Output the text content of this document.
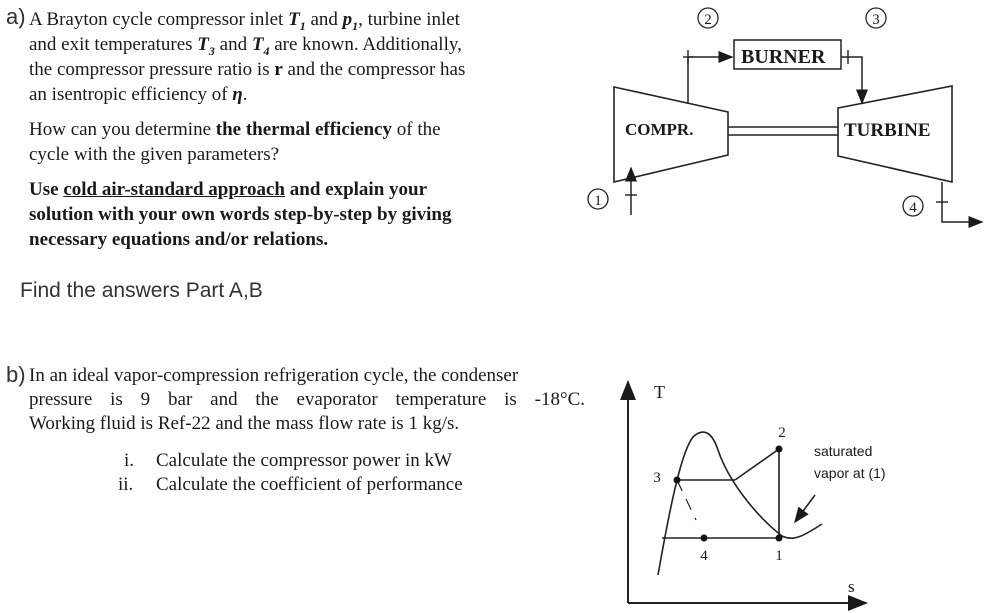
a) A Brayton cycle compressor inlet $T_1$ and $p_1$, turbine inlet
and exit temperatures $T_3$ and $T_4$ are known. Additionally,
the compressor pressure ratio is r and the compressor has
an isentropic efficiency of η.
How can you determine the thermal efficiency of the
cycle with the given parameters?
Use cold air-standard approach and explain your
solution with your own words step-by-step by giving
necessary equations and/or relations.
Find the answers Part A,B
b) In an ideal vapor-compression refrigeration cycle, the condenser
pressure is 9 bar and the evaporator temperature is -18°C.
Working fluid is Ref-22 and the mass flow rate is 1 kg/s.
i. Calculate the compressor power in kW
ii. Calculate the coefficient of performance
COMPR.	TURBINE
BURNER
1
2	3
4
T
s
1
2
3
4
saturated
vapor at (1)
